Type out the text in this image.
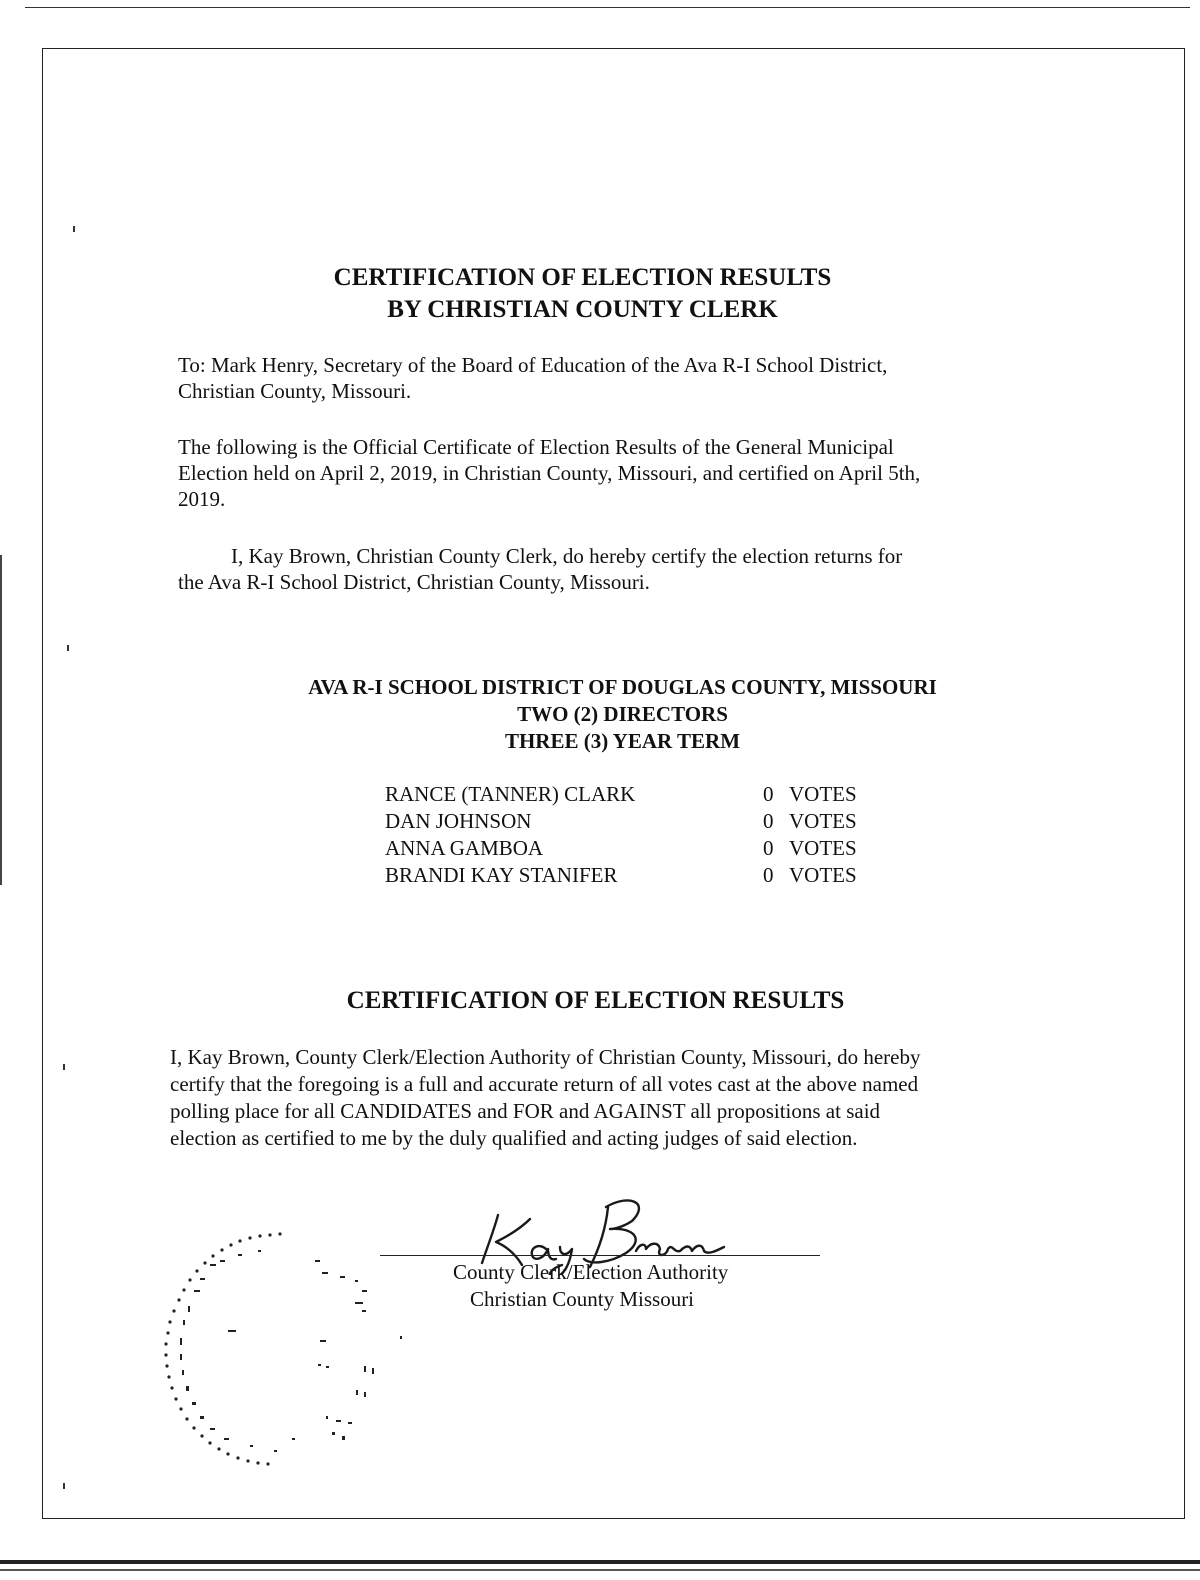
CERTIFICATION OF ELECTION RESULTS
BY CHRISTIAN COUNTY CLERK

To: Mark Henry, Secretary of the Board of Education of the Ava R-I School District,

Christian County, Missouri.

The following is the Official Certificate of Election Results of the General Municipal

Election held on April 2, 2019, in Christian County, Missouri, and certified on April 5th,

2019.

I, Kay Brown, Christian County Clerk, do hereby certify the election returns for

the Ava R-I School District, Christian County, Missouri.

AVA R-I SCHOOL DISTRICT OF DOUGLAS COUNTY, MISSOURI
TWO (2) DIRECTORS
THREE (3) YEAR TERM
RANCE (TANNER) CLARK	0 VOTES
DAN JOHNSON	0 VOTES
ANNA GAMBOA	0 VOTES
BRANDI KAY STANIFER	0 VOTES
CERTIFICATION OF ELECTION RESULTS

I, Kay Brown, County Clerk/Election Authority of Christian County, Missouri, do hereby

certify that the foregoing is a full and accurate return of all votes cast at the above named

polling place for all CANDIDATES and FOR and AGAINST all propositions at said

election as certified to me by the duly qualified and acting judges of said election.

County Clerk/Election Authority

Christian County Missouri
